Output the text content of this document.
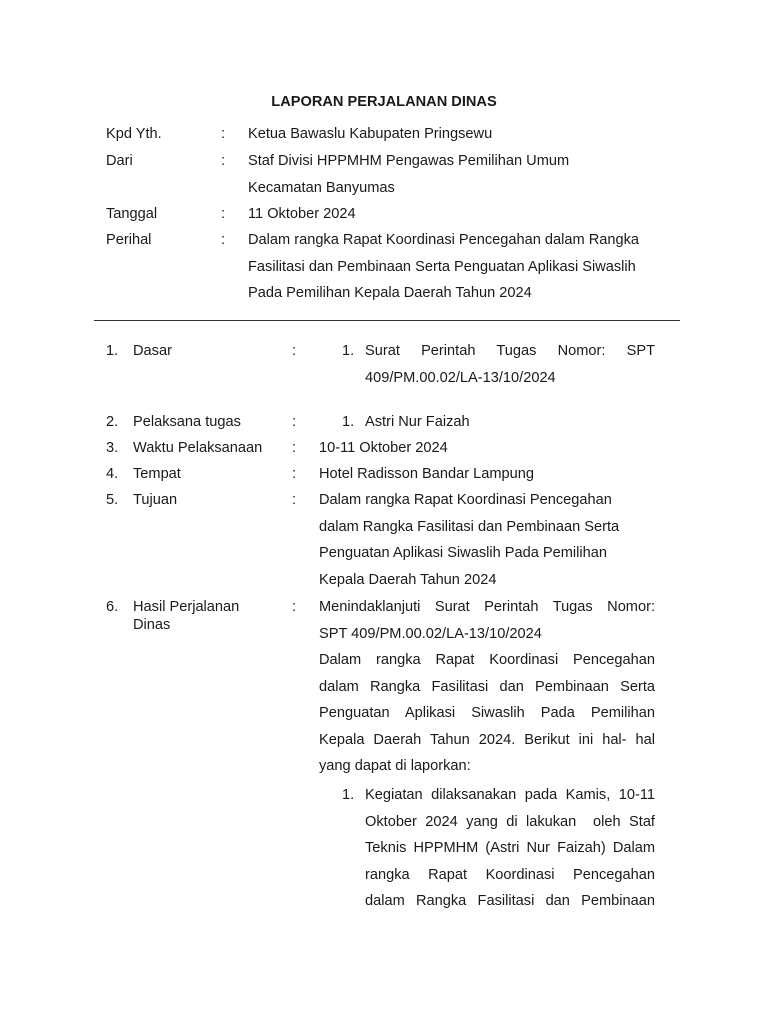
LAPORAN PERJALANAN DINAS
Kpd Yth.	: Ketua Bawaslu Kabupaten Pringsewu
Dari	: Staf Divisi HPPMHM Pengawas Pemilihan Umum
Kecamatan Banyumas
Tanggal	: 11 Oktober 2024
Perihal	: Dalam rangka Rapat Koordinasi Pencegahan dalam Rangka
Fasilitasi dan Pembinaan Serta Penguatan Aplikasi Siwaslih
Pada Pemilihan Kepala Daerah Tahun 2024
1. Dasar	:	1. Surat Perintah Tugas Nomor: SPT
409/PM.00.02/LA-13/10/2024
2. Pelaksana tugas	:	1. Astri Nur Faizah
3. Waktu Pelaksanaan	: 10-11 Oktober 2024
4. Tempat	: Hotel Radisson Bandar Lampung
5. Tujuan	: Dalam rangka Rapat Koordinasi Pencegahan
dalam Rangka Fasilitasi dan Pembinaan Serta
Penguatan Aplikasi Siwaslih Pada Pemilihan
Kepala Daerah Tahun 2024
6. Hasil Perjalanan
Dinas
: Menindaklanjuti Surat Perintah Tugas Nomor:
SPT 409/PM.00.02/LA-13/10/2024
Dalam rangka Rapat Koordinasi Pencegahan
dalam Rangka Fasilitasi dan Pembinaan Serta
Penguatan Aplikasi Siwaslih Pada Pemilihan
Kepala Daerah Tahun 2024. Berikut ini hal- hal
yang dapat di laporkan:
1. Kegiatan dilaksanakan pada Kamis, 10-11
Oktober 2024 yang di lakukan  oleh Staf
Teknis HPPMHM (Astri Nur Faizah) Dalam
rangka Rapat Koordinasi Pencegahan
dalam Rangka Fasilitasi dan Pembinaan
